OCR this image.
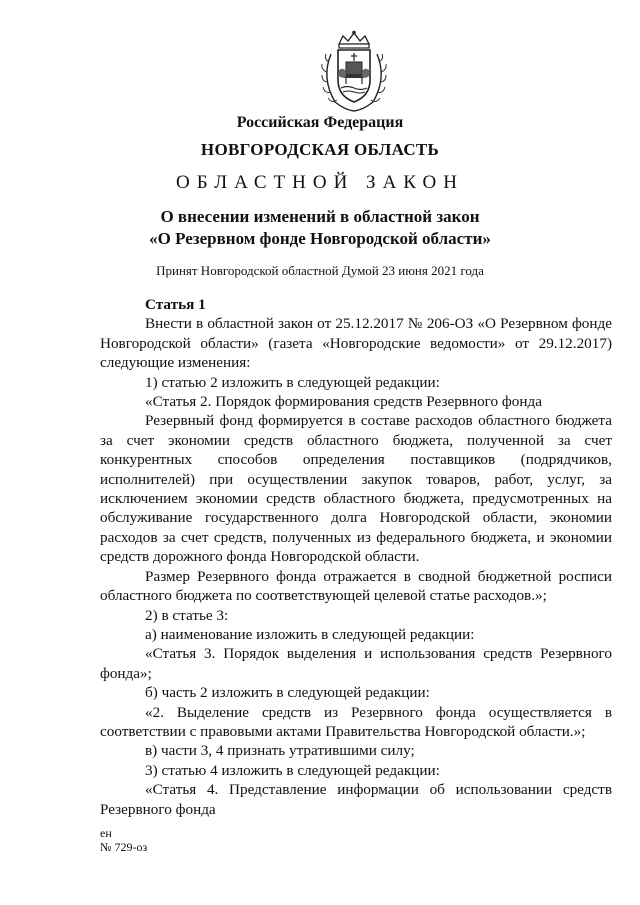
Российская Федерация
НОВГОРОДСКАЯ ОБЛАСТЬ
ОБЛАСТНОЙ ЗАКОН
О внесении изменений в областной закон
«О Резервном фонде Новгородской области»
Принят Новгородской областной Думой 23 июня 2021 года

Статья 1

Внести в областной закон от 25.12.2017 № 206-ОЗ «О Резервном фонде Новгородской области» (газета «Новгородские ведомости» от 29.12.2017) следующие изменения:

1) статью 2 изложить в следующей редакции:

«Статья 2. Порядок формирования средств Резервного фонда

Резервный фонд формируется в составе расходов областного бюджета за счет экономии средств областного бюджета, полученной за счет конкурентных способов определения поставщиков (подрядчиков, исполнителей) при осуществлении закупок товаров, работ, услуг, за исключением экономии средств областного бюджета, предусмотренных на обслуживание государственного долга Новгородской области, экономии расходов за счет средств, полученных из федерального бюджета, и экономии средств дорожного фонда Новгородской области.

Размер Резервного фонда отражается в сводной бюджетной росписи областного бюджета по соответствующей целевой статье расходов.»;

2) в статье 3:

а) наименование изложить в следующей редакции:

«Статья 3. Порядок выделения и использования средств Резервного фонда»;

б) часть 2 изложить в следующей редакции:

«2. Выделение средств из Резервного фонда осуществляется в соответствии с правовыми актами Правительства Новгородской области.»;

в) части 3, 4 признать утратившими силу;

3) статью 4 изложить в следующей редакции:

«Статья 4. Представление информации об использовании средств Резервного фонда

ен
№ 729-оз
